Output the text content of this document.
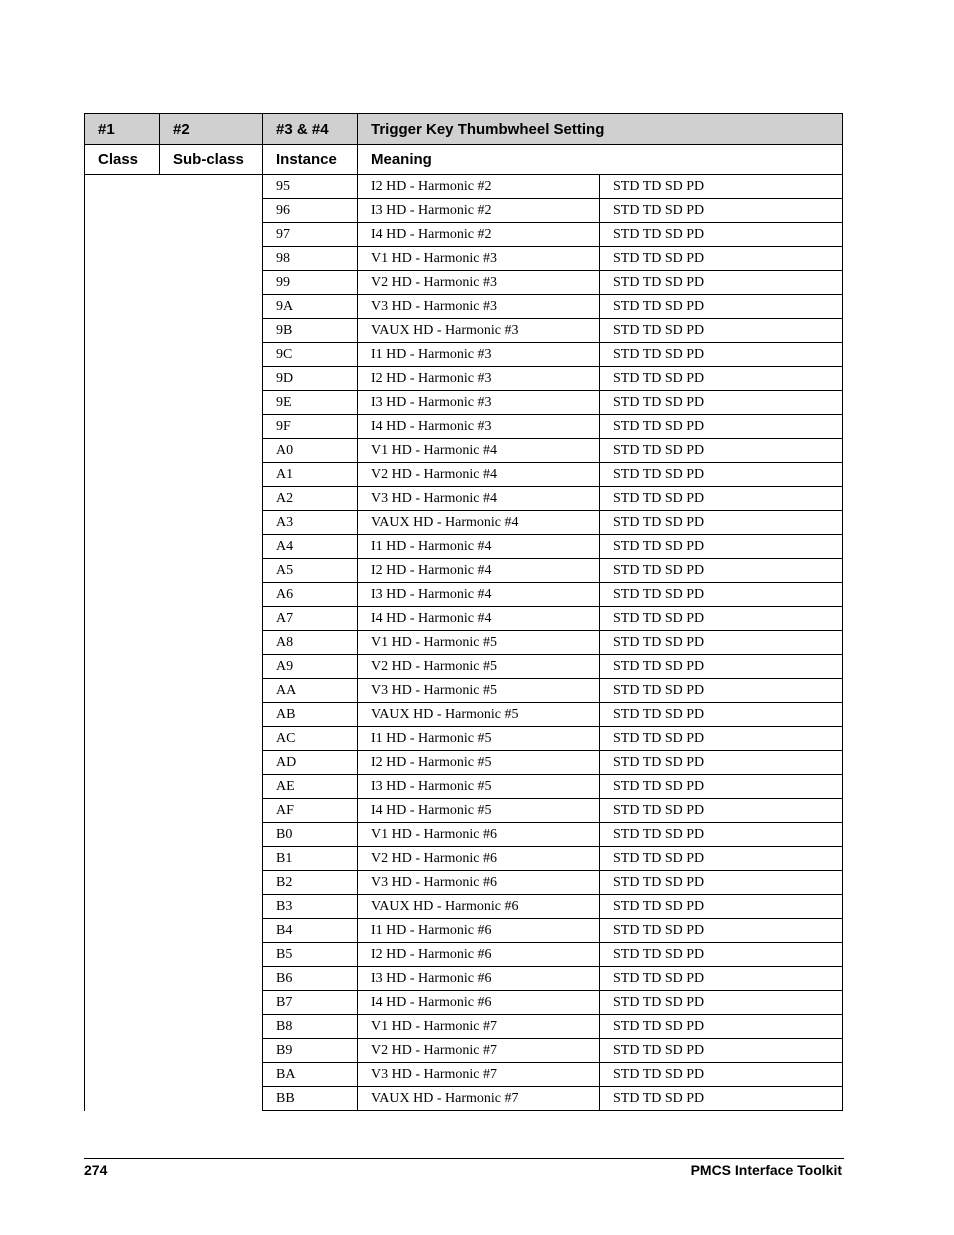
#1	#2	#3 & #4	Trigger Key Thumbwheel Setting	
Class	Sub-class	Instance	Meaning	
		95	I2 HD - Harmonic #2	STD TD SD PD
		96	I3 HD - Harmonic #2	STD TD SD PD
		97	I4 HD - Harmonic #2	STD TD SD PD
		98	V1 HD - Harmonic #3	STD TD SD PD
		99	V2 HD - Harmonic #3	STD TD SD PD
		9A	V3 HD - Harmonic #3	STD TD SD PD
		9B	VAUX HD - Harmonic #3	STD TD SD PD
		9C	I1 HD - Harmonic #3	STD TD SD PD
		9D	I2 HD - Harmonic #3	STD TD SD PD
		9E	I3 HD - Harmonic #3	STD TD SD PD
		9F	I4 HD - Harmonic #3	STD TD SD PD
		A0	V1 HD - Harmonic #4	STD TD SD PD
		A1	V2 HD - Harmonic #4	STD TD SD PD
		A2	V3 HD - Harmonic #4	STD TD SD PD
		A3	VAUX HD - Harmonic #4	STD TD SD PD
		A4	I1 HD - Harmonic #4	STD TD SD PD
		A5	I2 HD - Harmonic #4	STD TD SD PD
		A6	I3 HD - Harmonic #4	STD TD SD PD
		A7	I4 HD - Harmonic #4	STD TD SD PD
		A8	V1 HD - Harmonic #5	STD TD SD PD
		A9	V2 HD - Harmonic #5	STD TD SD PD
		AA	V3 HD - Harmonic #5	STD TD SD PD
		AB	VAUX HD - Harmonic #5	STD TD SD PD
		AC	I1 HD - Harmonic #5	STD TD SD PD
		AD	I2 HD - Harmonic #5	STD TD SD PD
		AE	I3 HD - Harmonic #5	STD TD SD PD
		AF	I4 HD - Harmonic #5	STD TD SD PD
		B0	V1 HD - Harmonic #6	STD TD SD PD
		B1	V2 HD - Harmonic #6	STD TD SD PD
		B2	V3 HD - Harmonic #6	STD TD SD PD
		B3	VAUX HD - Harmonic #6	STD TD SD PD
		B4	I1 HD - Harmonic #6	STD TD SD PD
		B5	I2 HD - Harmonic #6	STD TD SD PD
		B6	I3 HD - Harmonic #6	STD TD SD PD
		B7	I4 HD - Harmonic #6	STD TD SD PD
		B8	V1 HD - Harmonic #7	STD TD SD PD
		B9	V2 HD - Harmonic #7	STD TD SD PD
		BA	V3 HD - Harmonic #7	STD TD SD PD
		BB	VAUX HD - Harmonic #7	STD TD SD PD
274	PMCS Interface Toolkit
